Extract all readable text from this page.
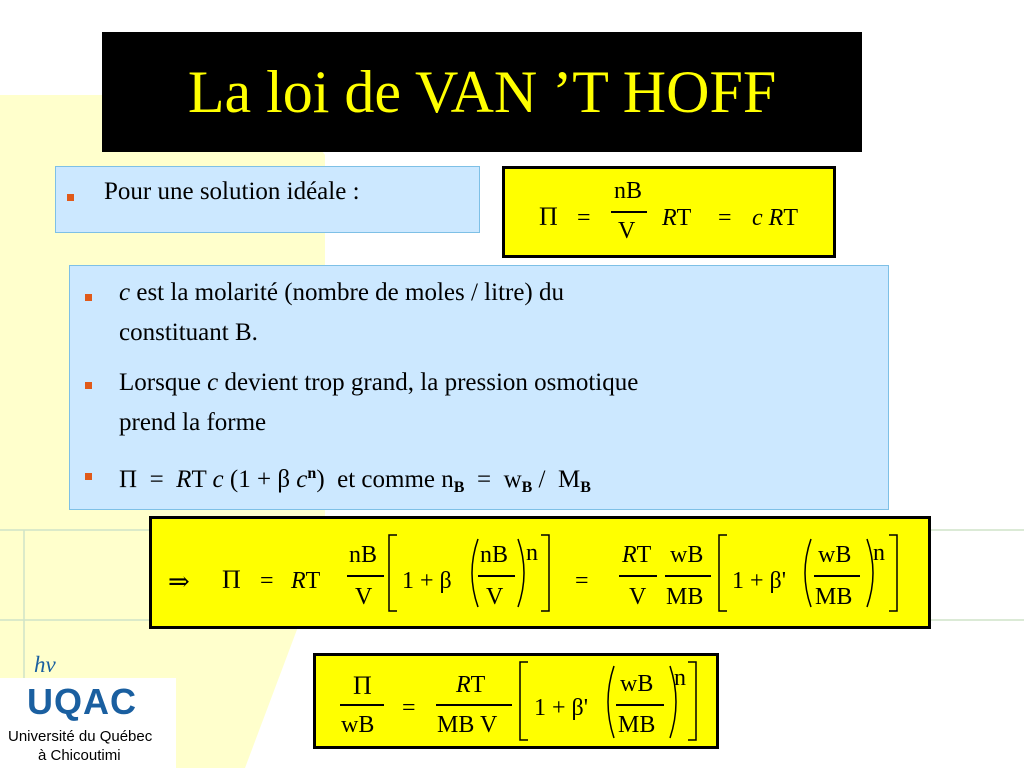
La loi de VAN ’T HOFF
Pour une solution idéale :
Π =
nB
V RT = c RT
c est la molarité (nombre de moles / litre) du
constituant B.
Lorsque c devient trop grand, la pression osmotique
prend la forme
Π = RT c (1 + β $c^n$) et comme $n_B = w_B / M_B$
⇒ Π = RT
nB
V
1 + β
nB
V
n
=
RT
V
wB
MB
1 + β'
wB
MB
n
Π
wB
=
RT
MB V
1 + β'
wB
MB
n
hν
UQAC
Université du Québec
à Chicoutimi
